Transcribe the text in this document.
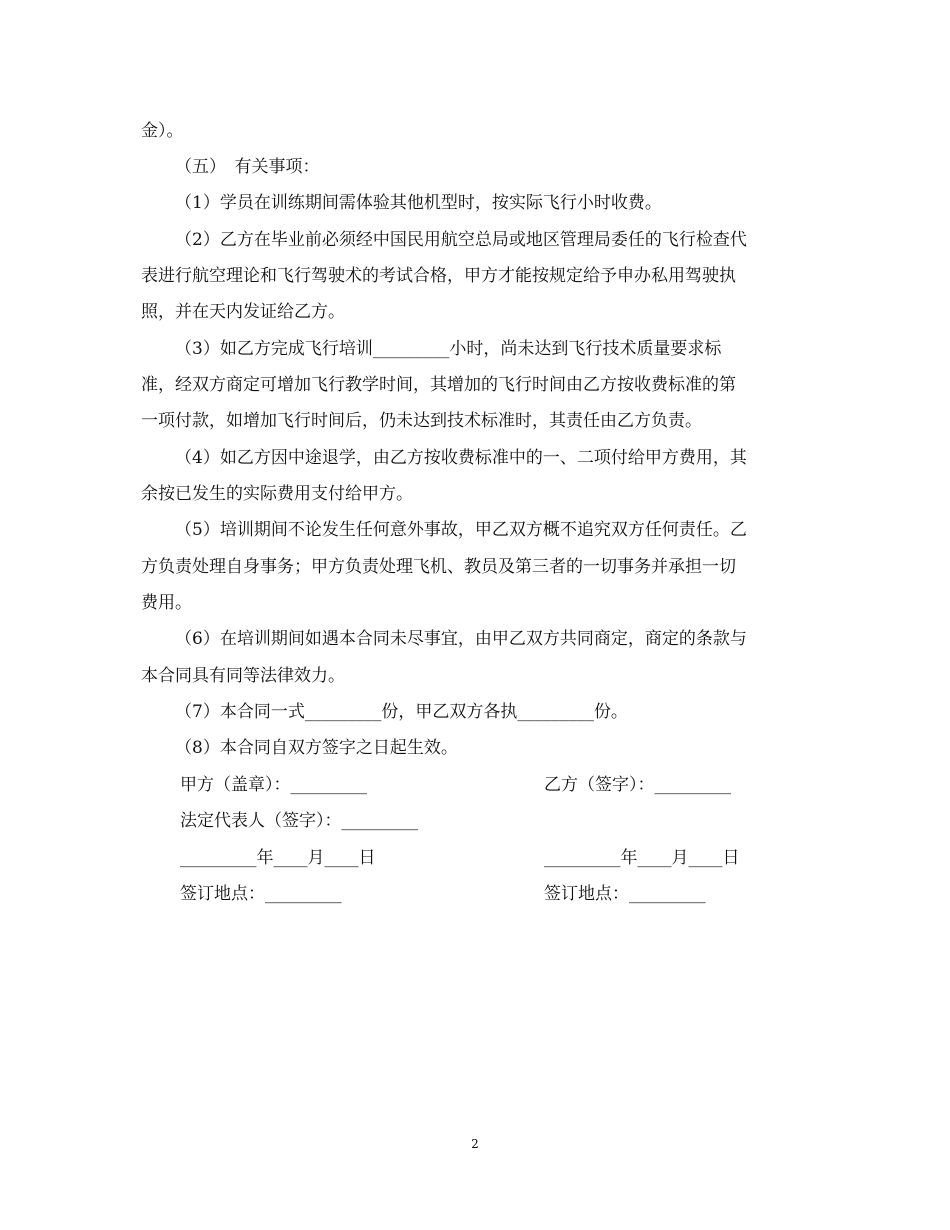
金）。
（五）　有关事项：
（1）学员在训练期间需体验其他机型时，按实际飞行小时收费。
（2）乙方在毕业前必须经中国民用航空总局或地区管理局委任的飞行检查代
表进行航空理论和飞行驾驶术的考试合格，甲方才能按规定给予申办私用驾驶执
照，并在天内发证给乙方。
（3）如乙方完成飞行培训_________小时，尚未达到飞行技术质量要求标
准，经双方商定可增加飞行教学时间，其增加的飞行时间由乙方按收费标准的第
一项付款，如增加飞行时间后，仍未达到技术标准时，其责任由乙方负责。
（4）如乙方因中途退学，由乙方按收费标准中的一、二项付给甲方费用，其
余按已发生的实际费用支付给甲方。
（5）培训期间不论发生任何意外事故，甲乙双方概不追究双方任何责任。乙
方负责处理自身事务；甲方负责处理飞机、教员及第三者的一切事务并承担一切
费用。
（6）在培训期间如遇本合同未尽事宜，由甲乙双方共同商定，商定的条款与
本合同具有同等法律效力。
（7）本合同一式_________份，甲乙双方各执_________份。
（8）本合同自双方签字之日起生效。
甲方（盖章）：_________	乙方（签字）：_________
法定代表人（签字）：_________
_________年____月____日	_________年____月____日
签订地点：_________	签订地点：_________
2
